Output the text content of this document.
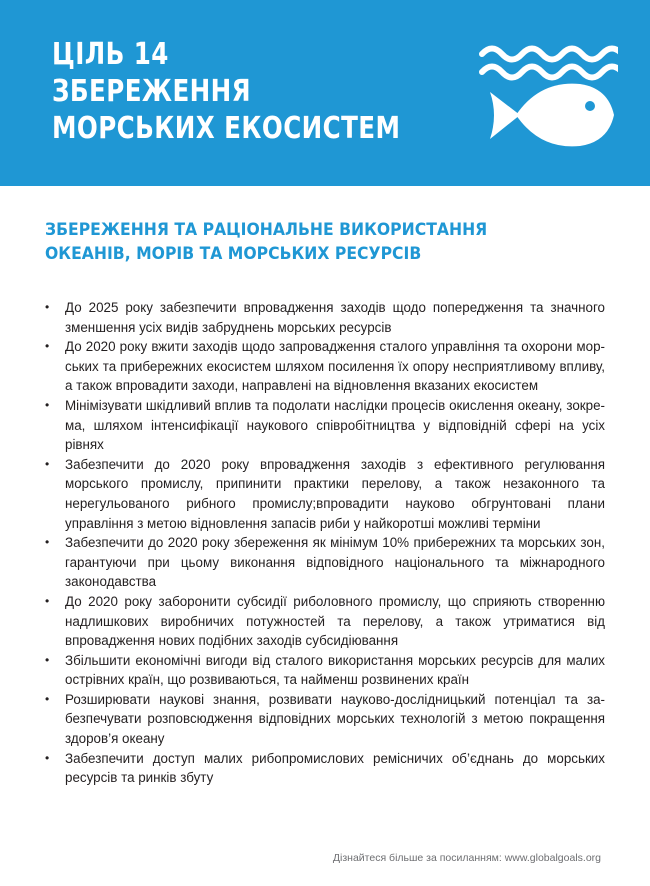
ЦІЛЬ 14
ЗБЕРЕЖЕННЯ
МОРСЬКИХ ЕКОСИСТЕМ
ЗБЕРЕЖЕННЯ ТА РАЦІОНАЛЬНЕ ВИКОРИСТАННЯ ОКЕАНІВ, МОРІВ ТА МОРСЬКИХ РЕСУРСІВ
• До 2025 року забезпечити впровадження заходів щодо попередження та значного зменшення усіх видів забруднень морських ресурсів
• До 2020 року вжити заходів щодо запровадження сталого управління та охорони морських та прибережних екосистем шляхом посилення їх опору несприятливому впливу, а також впровадити заходи, направлені на відновлення вказаних екосистем
• Мінімізувати шкідливий вплив та подолати наслідки процесів окислення океану, зокрема, шляхом інтенсифікації наукового співробітництва у відповідній сфері на усіх рівнях
• Забезпечити до 2020 року впровадження заходів з ефективного регулювання морського промислу, припинити практики перелову, а також незаконного та нерегульованого рибного промислу;впровадити науково обгрунтовані плани управління з метою відновлення запасів риби у найкоротші можливі терміни
• Забезпечити до 2020 року збереження як мінімум 10% прибережних та морських зон, гарантуючи при цьому виконання відповідного національного та міжнародного законодавства
• До 2020 року заборонити субсидії риболовного промислу, що сприяють створенню надлишкових виробничих потужностей та перелову, а також утриматися від впровадження нових подібних заходів субсидіювання
• Збільшити економічні вигоди від сталого використання морських ресурсів для малих острівних країн, що розвиваються, та найменш розвинених країн
• Розширювати наукові знання, розвивати науково-дослідницький потенціал та забезпечувати розповсюдження відповідних морських технологій з метою покращення здоров’я океану
• Забезпечити доступ малих рибопромислових ремісничих об’єднань до морських ресурсів та ринків збуту

Дізнайтеся більше за посиланням: www.globalgoals.org
